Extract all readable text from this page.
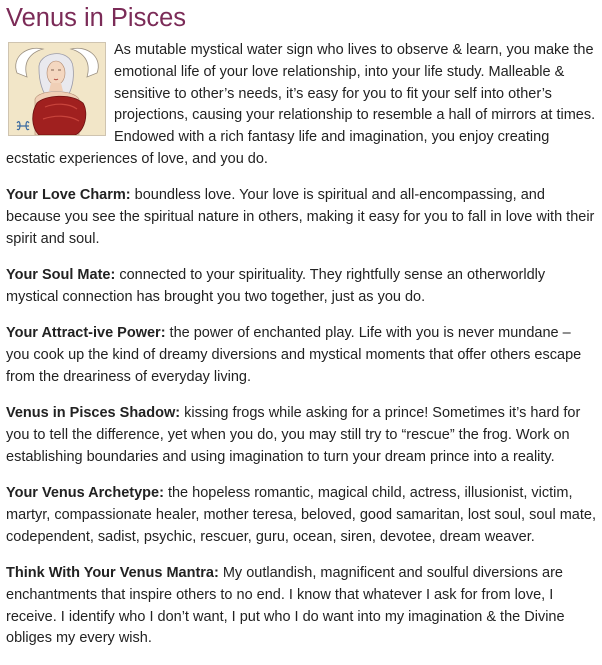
Venus in Pisces

As mutable mystical water sign who lives to observe & learn, you make the emotional life of your love relationship, into your life study. Malleable & sensitive to other’s needs, it’s easy for you to fit your self into other’s projections, causing your relationship to resemble a hall of mirrors at times. Endowed with a rich fantasy life and imagination, you enjoy creating ecstatic experiences of love, and you do.

Your Love Charm: boundless love. Your love is spiritual and all-encompassing, and because you see the spiritual nature in others, making it easy for you to fall in love with their spirit and soul.

Your Soul Mate: connected to your spirituality. They rightfully sense an otherworldly mystical connection has brought you two together, just as you do.

Your Attract-ive Power: the power of enchanted play. Life with you is never mundane – you cook up the kind of dreamy diversions and mystical moments that offer others escape from the dreariness of everyday living.

Venus in Pisces Shadow: kissing frogs while asking for a prince! Sometimes it’s hard for you to tell the difference, yet when you do, you may still try to “rescue” the frog. Work on establishing boundaries and using imagination to turn your dream prince into a reality.

Your Venus Archetype: the hopeless romantic, magical child, actress, illusionist, victim, martyr, compassionate healer, mother teresa, beloved, good samaritan, lost soul, soul mate, codependent, sadist, psychic, rescuer, guru, ocean, siren, devotee, dream weaver.

Think With Your Venus Mantra: My outlandish, magnificent and soulful diversions are enchantments that inspire others to no end. I know that whatever I ask for from love, I receive. I identify who I don’t want, I put who I do want into my imagination & the Divine obliges my every wish.
